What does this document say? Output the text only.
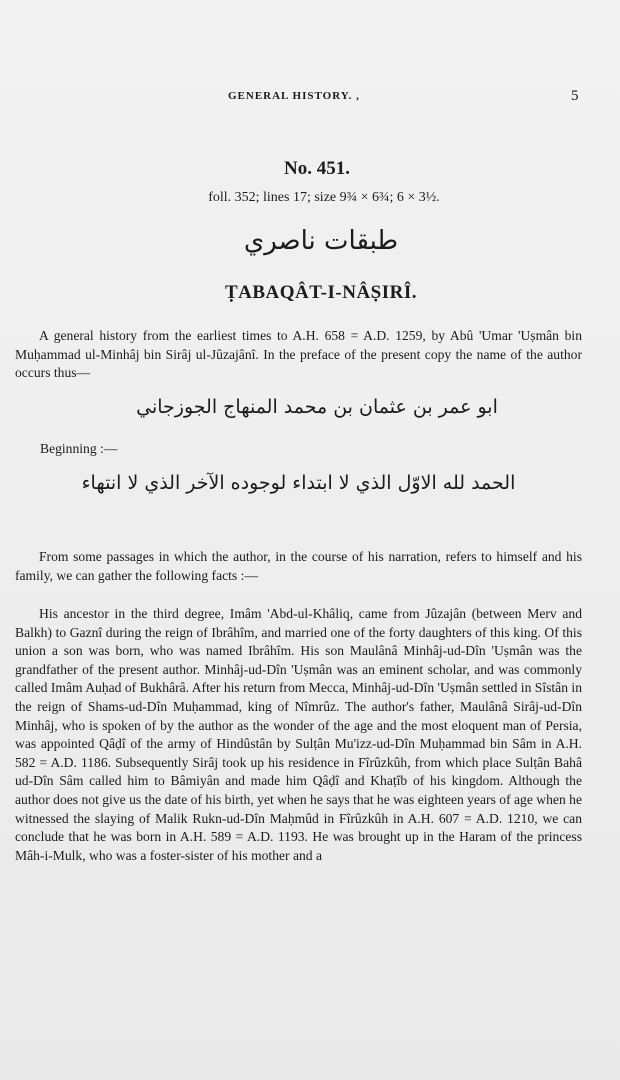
GENERAL HISTORY. ,	5
No. 451.
foll. 352; lines 17; size 9¾ × 6¾; 6 × 3½.
طبقات ناصري
ṬABAQÂT-I-NÂṢIRÎ.
A general history from the earliest times to A.H. 658 = A.D. 1259, by Abû 'Umar 'Uṣmân bin Muḥammad ul-Minhâj bin Sirâj ul-Jûzajânî. In the preface of the present copy the name of the author occurs thus—
ابو عمر بن عثمان بن محمد المنهاج الجوزجاني
Beginning :—
الحمد لله الاوّل الذي لا ابتداء لوجوده الآخر الذي لا انتهاء
From some passages in which the author, in the course of his narration, refers to himself and his family, we can gather the following facts :—
His ancestor in the third degree, Imâm 'Abd-ul-Khâliq, came from Jûzajân (between Merv and Balkh) to Gaznî during the reign of Ibrâhîm, and married one of the forty daughters of this king. Of this union a son was born, who was named Ibrâhîm. His son Maulânâ Minhâj-ud-Dîn 'Uṣmân was the grandfather of the present author. Minhâj-ud-Dîn 'Uṣmân was an eminent scholar, and was commonly called Imâm Auḥad of Bukhârâ. After his return from Mecca, Minhâj-ud-Dîn 'Uṣmân settled in Sîstân in the reign of Shams-ud-Dîn Muḥammad, king of Nîmrûz. The author's father, Maulânâ Sirâj-ud-Dîn Minhâj, who is spoken of by the author as the wonder of the age and the most eloquent man of Persia, was appointed Qâḍî of the army of Hindûstân by Sulṭân Mu'izz-ud-Dîn Muḥammad bin Sâm in A.H. 582 = A.D. 1186. Subsequently Sirâj took up his residence in Fîrûzkûh, from which place Sulṭân Bahâ ud-Dîn Sâm called him to Bâmiyân and made him Qâḍî and Khaṭîb of his kingdom. Although the author does not give us the date of his birth, yet when he says that he was eighteen years of age when he witnessed the slaying of Malik Rukn-ud-Dîn Maḥmûd in Fîrûzkûh in A.H. 607 = A.D. 1210, we can conclude that he was born in A.H. 589 = A.D. 1193. He was brought up in the Haram of the princess Mâh-i-Mulk, who was a foster-sister of his mother and a
